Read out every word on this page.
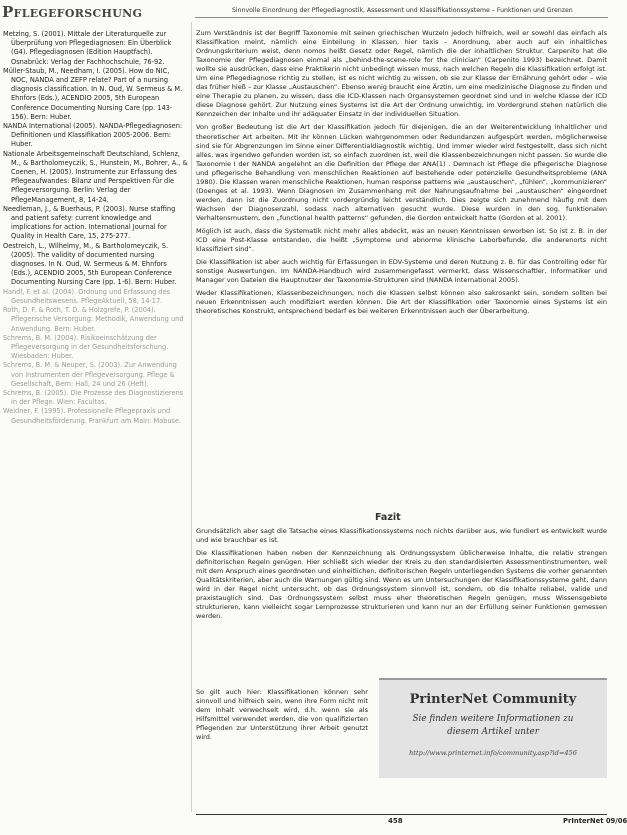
Pflegeforschung	Sinnvolle Einordnung der Pflegediagnostik, Assessment und Klassifikationssysteme – Funktionen und Grenzen

Metzing, S. (2001). Mittale der Literaturquelle zur Überprüfung von Pflegediagnosen: Ein Überblick (G4). Pflegediagnosen (Edition Hauptfach). Osnabrück: Verlag der Fachhochschule, 76-92.

Müller-Staub, M., Needham, I. (2005). How do NIC, NOC, NANDA and ZEFP relate? Part of a nursing diagnosis classification. In N. Oud, W. Sermeus & M. Ehnfors (Eds.), ACENDIO 2005, 5th European Conference Documenting Nursing Care (pp. 143-156). Bern: Huber.

NANDA International (2005). NANDA-Pflegediagnosen: Definitionen und Klassifikation 2005-2006. Bern: Huber.

Nationale Arbeitsgemeinschaft Deutschland, Schlenz, M., & Bartholomeyczik, S., Hunstein, M., Bohrer, A., & Coenen, H. (2005). Instrumente zur Erfassung des Pflegeaufwandes: Bilanz und Perspektiven für die Pflegeversorgung. Berlin: Verlag der PflegeManagement, 8, 14-24.

Needleman, J., & Buerhaus, P. (2003). Nurse staffing and patient safety: current knowledge and implications for action. International Journal for Quality in Health Care, 15, 275-277.

Oestreich, L., Wilhelmy, M., & Bartholomeyczik, S. (2005). The validity of documented nursing diagnoses. In N. Oud, W. Sermeus & M. Ehnfors (Eds.), ACENDIO 2005, 5th European Conference Documenting Nursing Care (pp. 1-6). Bern: Huber.

Handl, F. et al. (2004). Ordnung und Erfassung des Gesundheitswesens. PflegeAktuell, 58, 14-17.

Roth, D. F. & Roth, T. D. & Holzgrefe, P. (2004). Pflegerische Versorgung: Methodik, Anwendung und Anwendung. Bern: Huber.

Schrems, B. M. (2004). Risikoeinschätzung der Pflegeversorgung in der Gesundheitsforschung. Wiesbaden: Huber.

Schrems, B. M. & Neuper, S. (2003). Zur Anwendung von Instrumenten der Pflegeversorgung. Pflege & Gesellschaft, Bern: Hall, 24 und 26 (Heft).

Schrems, B. (2005). Die Prozesse des Diagnostizierens in der Pflege. Wien: Facultas.

Weidner, F. (1995). Professionelle Pflegepraxis und Gesundheitsförderung. Frankfurt am Main: Mabuse.

Zum Verständnis ist der Begriff Taxonomie mit seinen griechischen Wurzeln jedoch hilfreich, weil er sowohl das einfach als Klassifikation meint, nämlich eine Einteilung in Klassen, hier taxis – Anordnung, aber auch auf ein inhaltliches Ordnungskriterium weist, denn nomos heißt Gesetz oder Regel, nämlich die der inhaltlichen Struktur. Carpenito hat die Taxonomie der Pflegediagnosen einmal als „behind-the-scene-role for the clinician“ (Carpenito 1993) bezeichnet. Damit wollte sie ausdrücken, dass eine Praktikerin nicht unbedingt wissen muss, nach welchen Regeln die Klassifikation erfolgt ist. Um eine Pflegediagnose richtig zu stellen, ist es nicht wichtig zu wissen, ob sie zur Klasse der Ernährung gehört oder – wie das früher hieß – zur Klasse „Austauschen“. Ebenso wenig braucht eine Ärztin, um eine medizinische Diagnose zu finden und eine Therapie zu planen, zu wissen, dass die ICD-Klassen nach Organsystemen geordnet sind und in welche Klasse der ICD diese Diagnose gehört. Zur Nutzung eines Systems ist die Art der Ordnung unwichtig, im Vordergrund stehen natürlich die Kennzeichen der Inhalte und ihr adäquater Einsatz in der individuellen Situation.

Von großer Bedeutung ist die Art der Klassifikation jedoch für diejenigen, die an der Weiterentwicklung inhaltlicher und theoretischer Art arbeiten. Mit ihr können Lücken wahrgenommen oder Redundanzen aufgespürt werden, möglicherweise sind sie für Abgrenzungen im Sinne einer Differentialdiagnostik wichtig. Und immer wieder wird festgestellt, dass sich nicht alles, was irgendwo gefunden worden ist, so einfach zuordnen ist, weil die Klassenbezeichnungen nicht passen. So wurde die Taxonomie I der NANDA angelehnt an die Definition der Pflege der ANA(1) . Demnach ist Pflege die pflegerische Diagnose und pflegerische Behandlung von menschlichen Reaktionen auf bestehende oder potenzielle Gesundheitsprobleme (ANA 1980). Die Klassen waren menschliche Reaktionen, human response patterns wie „austauschen“, „fühlen“, „kommunizieren“ (Doenges et al. 1993). Wenn Diagnosen im Zusammenhang mit der Nahrungsaufnahme bei „austauschen“ eingeordnet werden, dann ist die Zuordnung nicht vordergründig leicht verständlich. Dies zeigte sich zunehmend häufig mit dem Wachsen der Diagnosenzahl, sodass nach alternativen gesucht wurde. Diese wurden in den sog. funktionalen Verhaltensmustern, den „functional health patterns“ gefunden, die Gordon entwickelt hatte (Gordon et al. 2001).

Möglich ist auch, dass die Systematik nicht mehr alles abdeckt, was an neuen Kenntnissen erworben ist. So ist z. B. in der ICD eine Post-Klasse entstanden, die heißt „Symptome und abnorme klinische Laborbefunde, die anderenorts nicht klassifiziert sind“.

Die Klassifikation ist aber auch wichtig für Erfassungen in EDV-Systeme und deren Nutzung z. B. für das Controlling oder für sonstige Auswertungen. Im NANDA-Handbuch wird zusammengefasst vermerkt, dass Wissenschaftler, Informatiker und Manager von Dateien die Hauptnutzer der Taxonomie-Strukturen sind (NANDA International 2005).

Weder Klassifikationen, Klassenbezeichnungen, noch die Klassen selbst können also sakrosankt sein, sondern sollten bei neuen Erkenntnissen auch modifiziert werden können. Die Art der Klassifikation oder Taxonomie eines Systems ist ein theoretisches Konstrukt, entsprechend bedarf es bei weiteren Erkenntnissen auch der Überarbeitung.

Fazit

Grundsätzlich aber sagt die Tatsache eines Klassifikationssystems noch nichts darüber aus, wie fundiert es entwickelt wurde und wie brauchbar es ist.

Die Klassifikationen haben neben der Kennzeichnung als Ordnungssystem üblicherweise Inhalte, die relativ strengen definitorischen Regeln genügen. Hier schließt sich wieder der Kreis zu den standardisierten Assessmentinstrumenten, weil mit dem Anspruch eines geordneten und einheitlichen, definitorischen Regeln unterliegenden Systems die vorher genannten Qualitätskriterien, aber auch die Warnungen gültig sind. Wenn es um Untersuchungen der Klassifikationssysteme geht, dann wird in der Regel nicht untersucht, ob das Ordnungssystem sinnvoll ist, sondern, ob die Inhalte reliabel, valide und praxistauglich sind. Das Ordnungssystem selbst muss eher theoretischen Regeln genügen, muss Wissensgebiete strukturieren, kann vielleicht sogar Lernprozesse strukturieren und kann nur an der Erfüllung seiner Funktionen gemessen werden.

So gilt auch hier: Klassifikationen können sehr sinnvoll und hilfreich sein, wenn ihre Form nicht mit dem Inhalt verwechselt wird, d.h. wenn sie als Hilfsmittel verwendet werden, die von qualifizierten Pflegenden zur Unterstützung ihrer Arbeit genutzt wird.
PrinterNet Community
Sie finden weitere Informationen zu diesem Artikel unter
http://www.printernet.info/community.asp?id=456
458	PrInterNet 09/06
